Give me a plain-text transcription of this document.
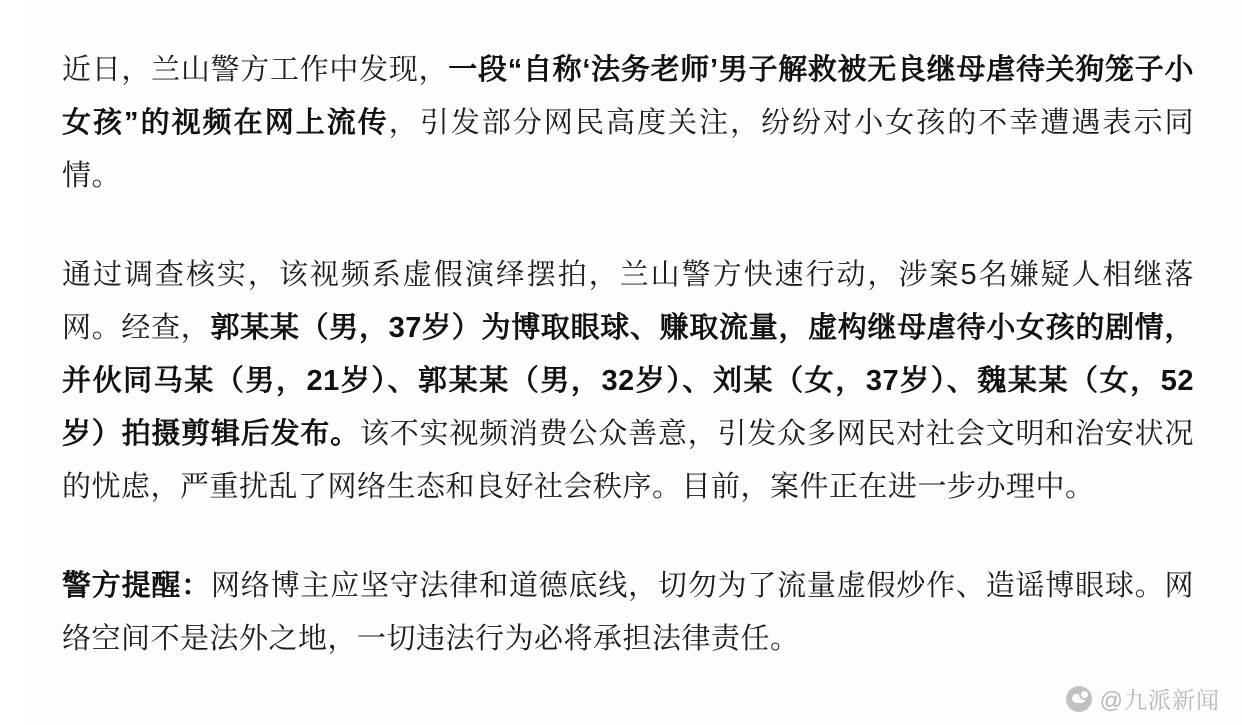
近日，兰山警方工作中发现，一段“自称‘法务老师’男子解救被无良继母虐待关狗笼子小女孩”的视频在网上流传，引发部分网民高度关注，纷纷对小女孩的不幸遭遇表示同情。

通过调查核实，该视频系虚假演绎摆拍，兰山警方快速行动，涉案5名嫌疑人相继落网。经查，郭某某（男，37岁）为博取眼球、赚取流量，虚构继母虐待小女孩的剧情，并伙同马某（男，21岁）、郭某某（男，32岁）、刘某（女，37岁）、魏某某（女，52岁）拍摄剪辑后发布。该不实视频消费公众善意，引发众多网民对社会文明和治安状况的忧虑，严重扰乱了网络生态和良好社会秩序。目前，案件正在进一步办理中。

警方提醒：网络博主应坚守法律和道德底线，切勿为了流量虚假炒作、造谣博眼球。网络空间不是法外之地，一切违法行为必将承担法律责任。

@九派新闻
